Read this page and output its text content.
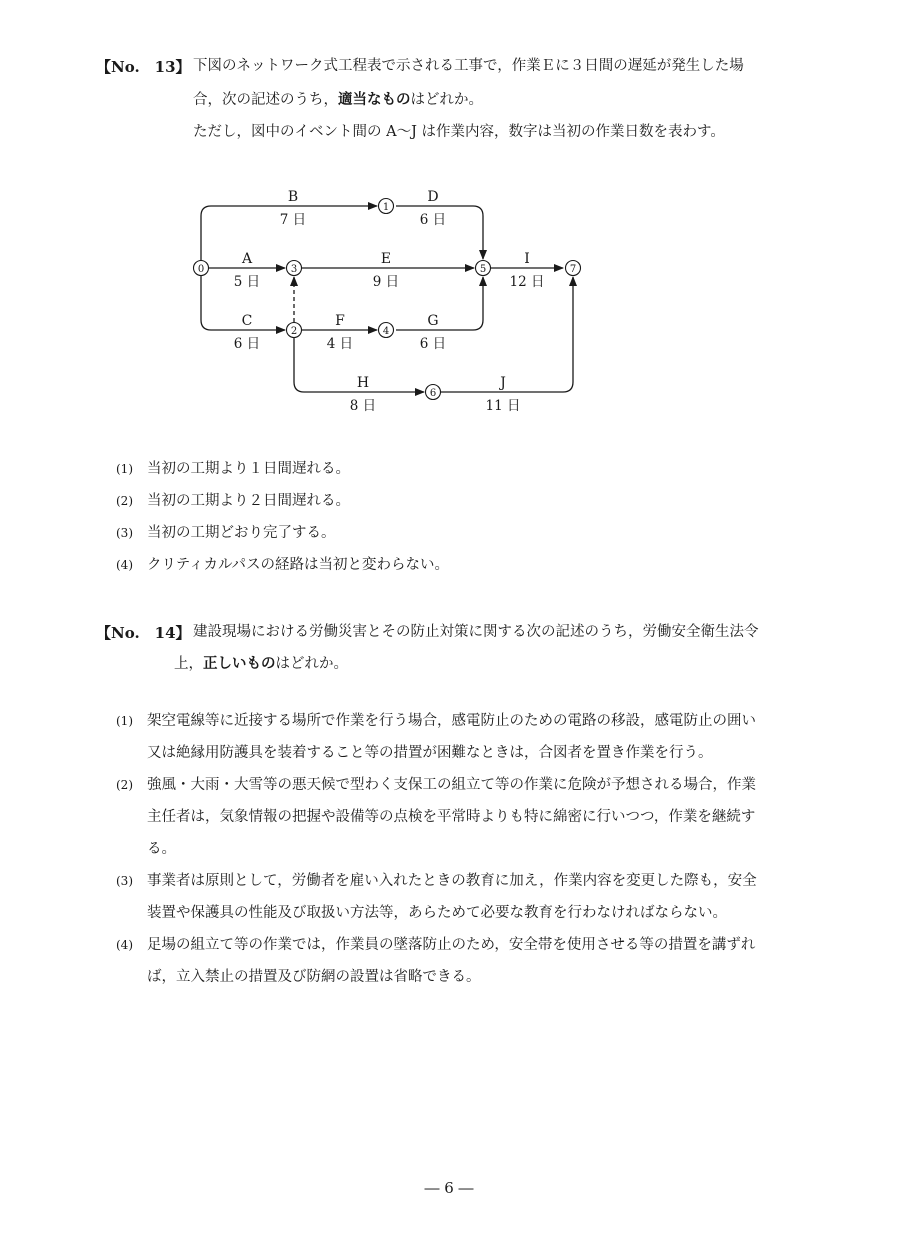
【No.　13】 下図のネットワーク式工程表で示される工事で，作業Ｅに３日間の遅延が発生した場
合，次の記述のうち，適当なものはどれか。
ただし，図中のイベント間の A～J は作業内容，数字は当初の作業日数を表わす。
0
1
2
3
4
5
6
7
B	D
A	E	I
C	F	G
H	J
7 日	6 日
5 日	9 日	12 日
6 日	4 日	6 日
8 日	11 日
(1) 当初の工期より１日間遅れる。
(2) 当初の工期より２日間遅れる。
(3) 当初の工期どおり完了する。
(4) クリティカルパスの経路は当初と変わらない。
【No.　14】 建設現場における労働災害とその防止対策に関する次の記述のうち，労働安全衛生法令
上，正しいものはどれか。
(1) 架空電線等に近接する場所で作業を行う場合，感電防止のための電路の移設，感電防止の囲い
又は絶縁用防護具を装着すること等の措置が困難なときは，合図者を置き作業を行う。
(2) 強風・大雨・大雪等の悪天候で型わく支保工の組立て等の作業に危険が予想される場合，作業
主任者は，気象情報の把握や設備等の点検を平常時よりも特に綿密に行いつつ，作業を継続す
る。
(3) 事業者は原則として，労働者を雇い入れたときの教育に加え，作業内容を変更した際も，安全
装置や保護具の性能及び取扱い方法等，あらためて必要な教育を行わなければならない。
(4) 足場の組立て等の作業では，作業員の墜落防止のため，安全帯を使用させる等の措置を講ずれ
ば，立入禁止の措置及び防網の設置は省略できる。
― 6 ―
